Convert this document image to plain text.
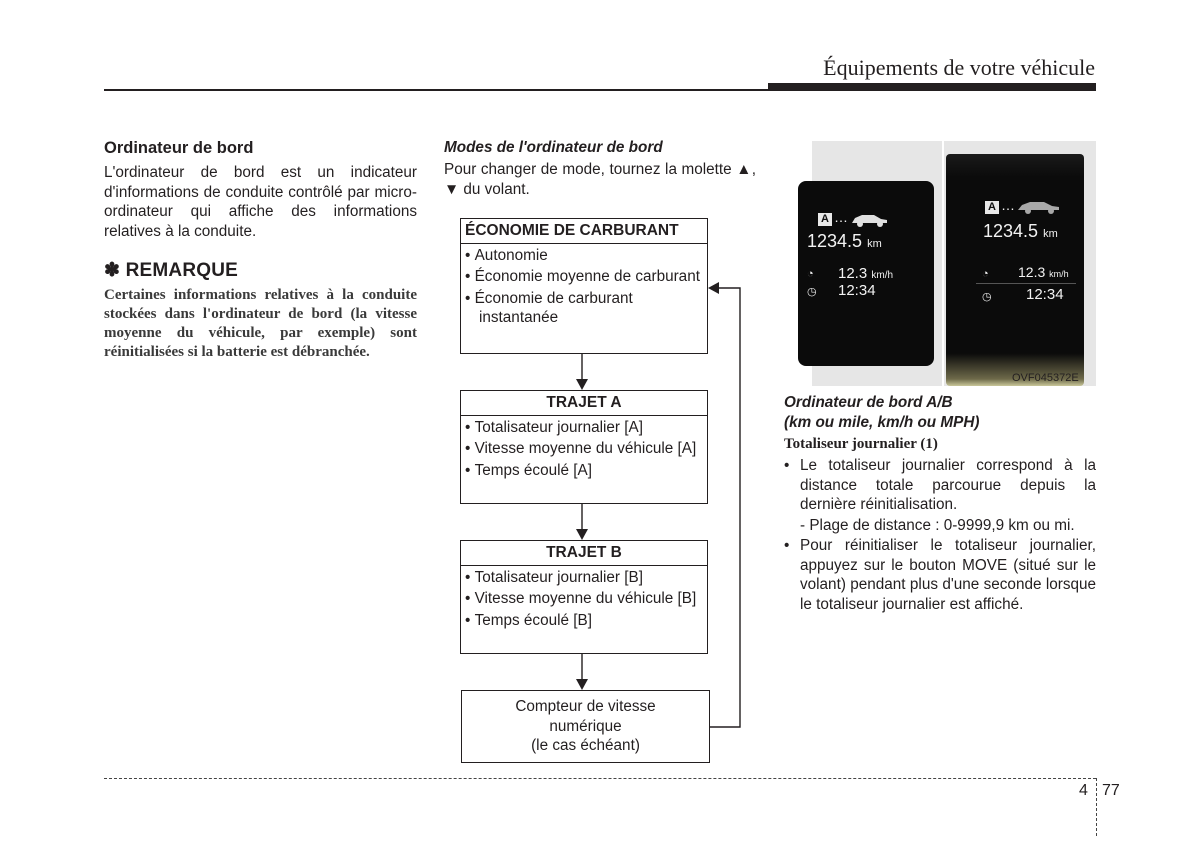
Équipements de votre véhicule
Ordinateur de bord
L'ordinateur de bord est un indicateur d'informations de conduite contrôlé par micro-ordinateur qui affiche des informations relatives à la conduite.
✽ REMARQUE
Certaines informations relatives à la conduite stockées dans l'ordinateur de bord (la vitesse moyenne du véhicule, par exemple) sont réinitialisées si la batterie est débranchée.
Modes de l'ordinateur de bord
Pour changer de mode, tournez la molette ▲, ▼ du volant.
ÉCONOMIE DE CARBURANT
• Autonomie
• Économie moyenne de carburant
• Économie de carburant instantanée
TRAJET A
• Totalisateur journalier [A]
• Vitesse moyenne du véhicule [A]
• Temps écoulé [A]
TRAJET B
• Totalisateur journalier [B]
• Vitesse moyenne du véhicule [B]
• Temps écoulé [B]
Compteur de vitesse
numérique
(le cas échéant)
A …
1234.5 km
◔ 12.3 km/h
◷ 12:34
A …
1234.5 km
◔ 12.3 km/h
◷ 12:34
OVF045372E
Ordinateur de bord A/B
(km ou mile, km/h ou MPH)
Totaliseur journalier (1)
• Le totaliseur journalier correspond à la distance totale parcourue depuis la dernière réinitialisation.
- Plage de distance : 0-9999,9 km ou mi.
• Pour réinitialiser le totaliseur journalier, appuyez sur le bouton MOVE (situé sur le volant) pendant plus d'une seconde lorsque le totaliseur journalier est affiché.
4 77
